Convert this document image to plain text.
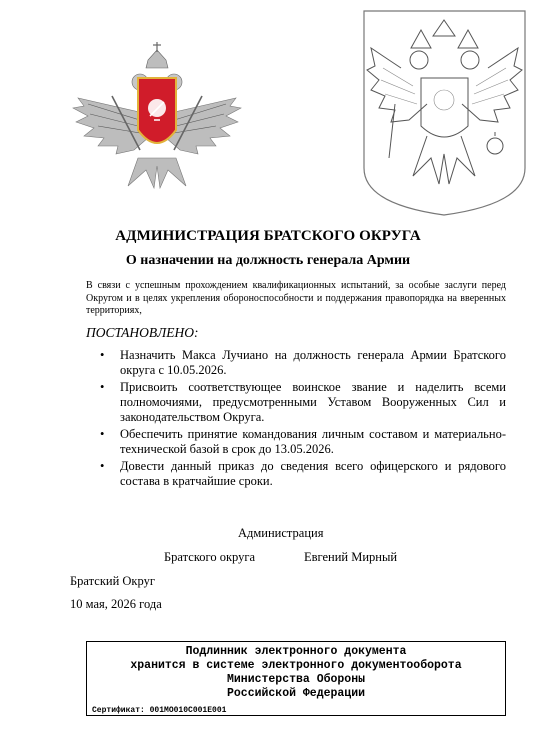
АДМИНИСТРАЦИЯ БРАТСКОГО ОКРУГА
О назначении на должность генерала Армии
В связи с успешным прохождением квалификационных испытаний, за особые заслуги перед Округом и в целях укрепления обороноспособности и поддержания правопорядка на вверенных территориях,
ПОСТАНОВЛЕНО:
• Назначить Макса Лучиано на должность генерала Армии Братского округа с 10.05.2026.
• Присвоить соответствующее воинское звание и наделить всеми полномочиями, предусмотренными Уставом Вооруженных Сил и законодательством Округа.
• Обеспечить принятие командования личным составом и материально-технической базой в срок до 13.05.2026.
• Довести данный приказ до сведения всего офицерского и рядового состава в кратчайшие сроки.
Администрация
Братского округа	Евгений Мирный
Братский Округ
10 мая, 2026 года
Подлинник электронного документа
хранится в системе электронного документооборота
Министерства Обороны
Российской Федерации
Сертификат: 001МО010С001Е001
